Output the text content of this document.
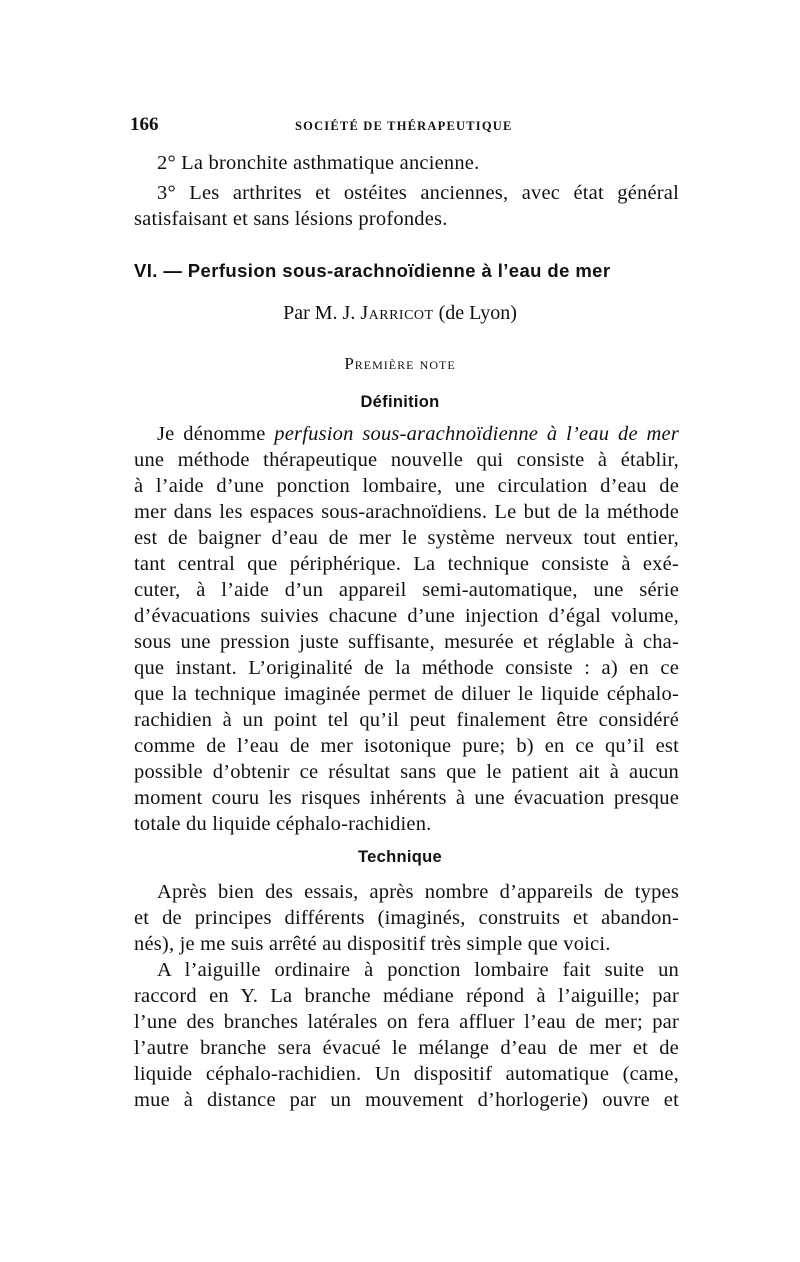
166	SOCIÉTÉ DE THÉRAPEUTIQUE
2° La bronchite asthmatique ancienne.
3° Les arthrites et ostéites anciennes, avec état général
satisfaisant et sans lésions profondes.
VI. — Perfusion sous-arachnoïdienne à l’eau de mer
Par M. J. Jarricot (de Lyon)
Première note
Définition
Je dénomme perfusion sous-arachnoïdienne à l’eau de mer
une méthode thérapeutique nouvelle qui consiste à établir,
à l’aide d’une ponction lombaire, une circulation d’eau de
mer dans les espaces sous-arachnoïdiens. Le but de la méthode
est de baigner d’eau de mer le système nerveux tout entier,
tant central que périphérique. La technique consiste à exé-
cuter, à l’aide d’un appareil semi-automatique, une série
d’évacuations suivies chacune d’une injection d’égal volume,
sous une pression juste suffisante, mesurée et réglable à cha-
que instant. L’originalité de la méthode consiste : a) en ce
que la technique imaginée permet de diluer le liquide céphalo-
rachidien à un point tel qu’il peut finalement être considéré
comme de l’eau de mer isotonique pure; b) en ce qu’il est
possible d’obtenir ce résultat sans que le patient ait à aucun
moment couru les risques inhérents à une évacuation presque
totale du liquide céphalo-rachidien.
Technique
Après bien des essais, après nombre d’appareils de types
et de principes différents (imaginés, construits et abandon-
nés), je me suis arrêté au dispositif très simple que voici.
A l’aiguille ordinaire à ponction lombaire fait suite un
raccord en Y. La branche médiane répond à l’aiguille; par
l’une des branches latérales on fera affluer l’eau de mer; par
l’autre branche sera évacué le mélange d’eau de mer et de
liquide céphalo-rachidien. Un dispositif automatique (came,
mue à distance par un mouvement d’horlogerie) ouvre et
